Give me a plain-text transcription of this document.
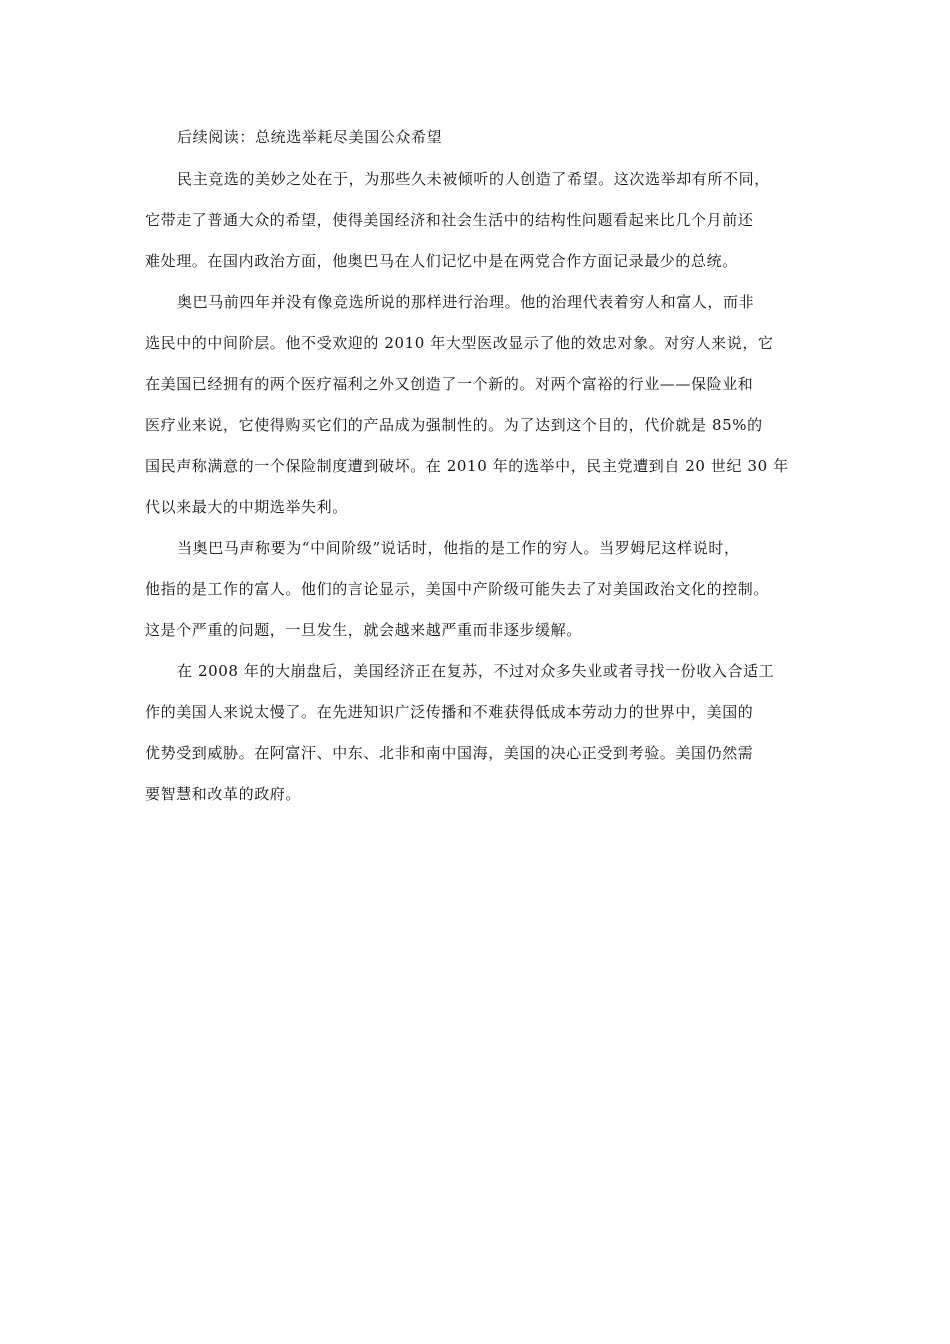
后续阅读：总统选举耗尽美国公众希望
民主竞选的美妙之处在于，为那些久未被倾听的人创造了希望。这次选举却有所不同，
它带走了普通大众的希望，使得美国经济和社会生活中的结构性问题看起来比几个月前还
难处理。在国内政治方面，他奥巴马在人们记忆中是在两党合作方面记录最少的总统。
奥巴马前四年并没有像竞选所说的那样进行治理。他的治理代表着穷人和富人，而非
选民中的中间阶层。他不受欢迎的 2010 年大型医改显示了他的效忠对象。对穷人来说，它
在美国已经拥有的两个医疗福利之外又创造了一个新的。对两个富裕的行业——保险业和
医疗业来说，它使得购买它们的产品成为强制性的。为了达到这个目的，代价就是 85%的
国民声称满意的一个保险制度遭到破坏。在 2010 年的选举中，民主党遭到自 20 世纪 30 年
代以来最大的中期选举失利。
当奥巴马声称要为“中间阶级”说话时，他指的是工作的穷人。当罗姆尼这样说时，
他指的是工作的富人。他们的言论显示，美国中产阶级可能失去了对美国政治文化的控制。
这是个严重的问题，一旦发生，就会越来越严重而非逐步缓解。
在 2008 年的大崩盘后，美国经济正在复苏，不过对众多失业或者寻找一份收入合适工
作的美国人来说太慢了。在先进知识广泛传播和不难获得低成本劳动力的世界中，美国的
优势受到威胁。在阿富汗、中东、北非和南中国海，美国的决心正受到考验。美国仍然需
要智慧和改革的政府。
